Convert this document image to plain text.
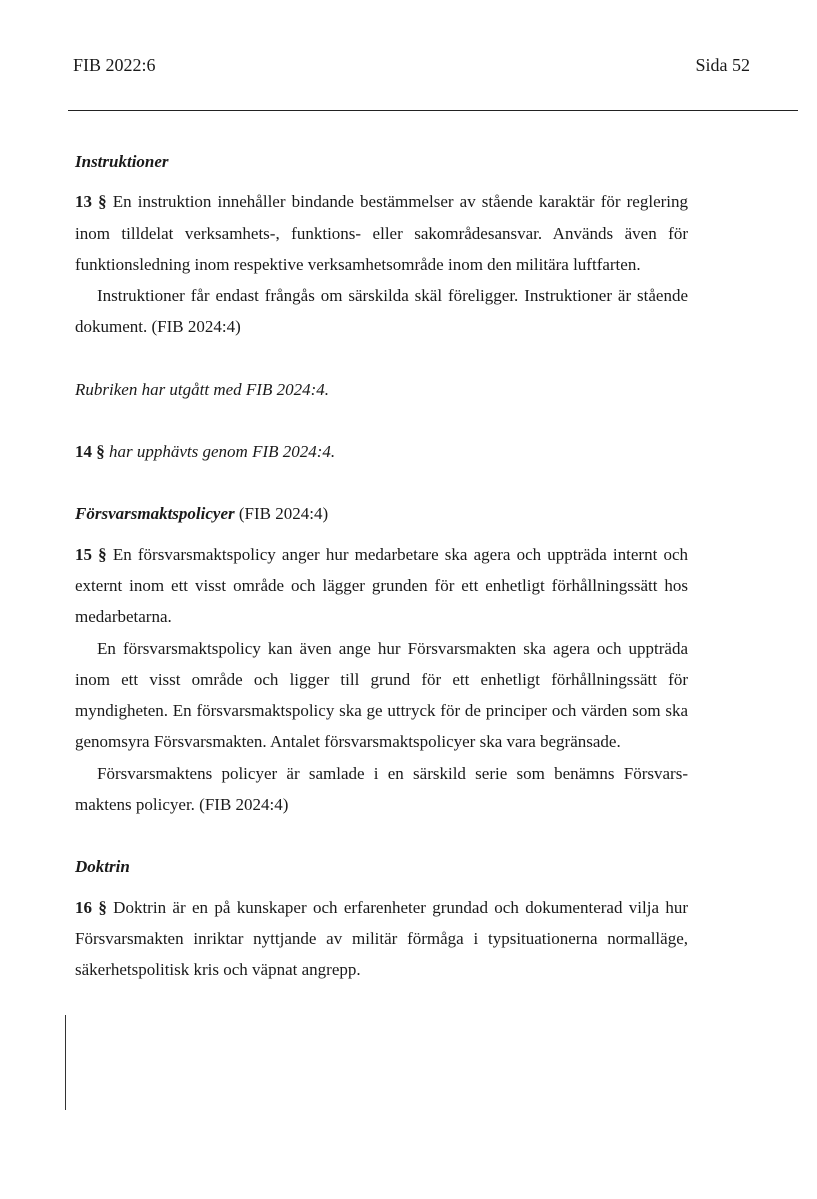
FIB 2022:6	Sida 52
Instruktioner

13 § En instruktion innehåller bindande bestämmelser av stående karaktär för reglering inom tilldelat verksamhets-, funktions- eller sakområdesansvar. Används även för funktionsledning inom respektive verksamhetsområde inom den militära luftfarten.

Instruktioner får endast frångås om särskilda skäl föreligger. Instruktioner är stående dokument. (FIB 2024:4)

Rubriken har utgått med FIB 2024:4.

14 § har upphävts genom FIB 2024:4.

Försvarsmaktspolicyer (FIB 2024:4)

15 § En försvarsmaktspolicy anger hur medarbetare ska agera och uppträda internt och externt inom ett visst område och lägger grunden för ett enhetligt förhållningssätt hos medarbetarna.

En försvarsmaktspolicy kan även ange hur Försvarsmakten ska agera och uppträda inom ett visst område och ligger till grund för ett enhetligt förhållningssätt för myndigheten. En försvarsmaktspolicy ska ge uttryck för de principer och värden som ska genomsyra Försvarsmakten. Antalet försvarsmaktspolicyer ska vara begränsade.

Försvarsmaktens policyer är samlade i en särskild serie som benämns Försvarsmaktens policyer. (FIB 2024:4)

Doktrin

16 § Doktrin är en på kunskaper och erfarenheter grundad och dokumenterad vilja hur Försvarsmakten inriktar nyttjande av militär förmåga i typsituationerna normalläge, säkerhetspolitisk kris och väpnat angrepp.
